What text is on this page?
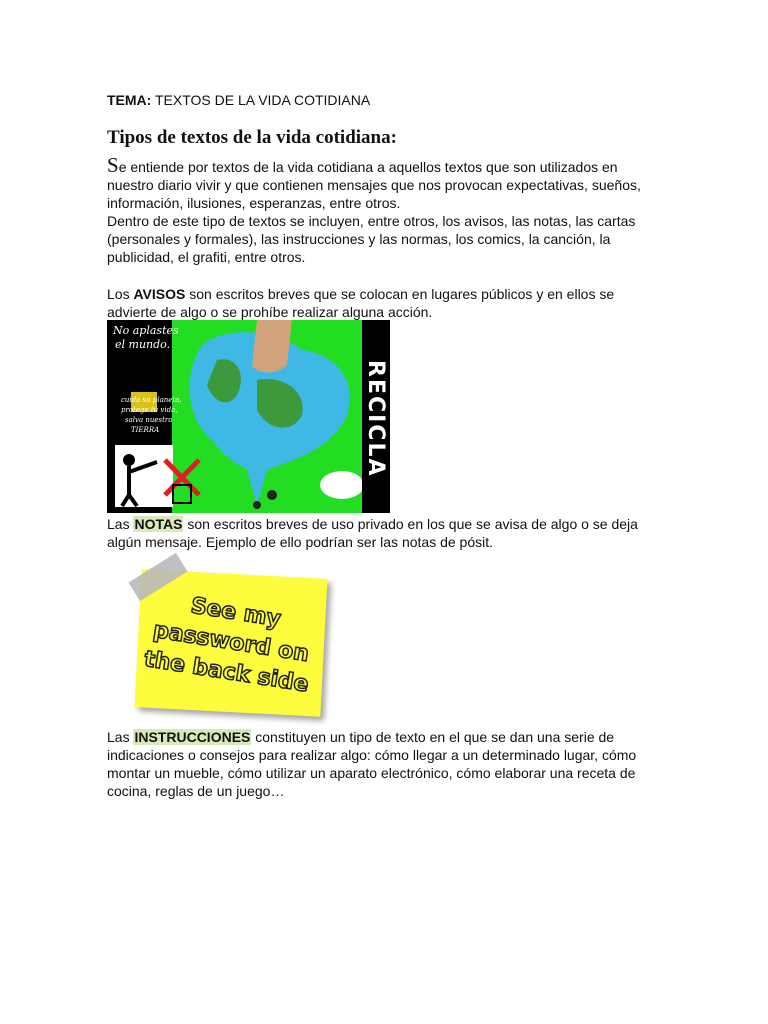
TEMA: TEXTOS DE LA VIDA COTIDIANA
Tipos de textos de la vida cotidiana:
Se entiende por textos de la vida cotidiana a aquellos textos que son utilizados en nuestro diario vivir y que contienen mensajes que nos provocan expectativas, sueños, información, ilusiones, esperanzas, entre otros.
Dentro de este tipo de textos se incluyen, entre otros, los avisos, las notas, las cartas (personales y formales), las instrucciones y las normas, los comics, la canción, la publicidad, el grafiti, entre otros.
Los AVISOS son escritos breves que se colocan en lugares públicos y en ellos se advierte de algo o se prohíbe realizar alguna acción.
No aplastes
el mundo.
cuida su planeta,
protege tú vida,
salva nuestra
TIERRA	RECICLA
Las NOTAS son escritos breves de uso privado en los que se avisa de algo o se deja algún mensaje. Ejemplo de ello podrían ser las notas de pósit.
See my password on the back side
Las INSTRUCCIONES constituyen un tipo de texto en el que se dan una serie de indicaciones o consejos para realizar algo: cómo llegar a un determinado lugar, cómo montar un mueble, cómo utilizar un aparato electrónico, cómo elaborar una receta de cocina, reglas de un juego…
